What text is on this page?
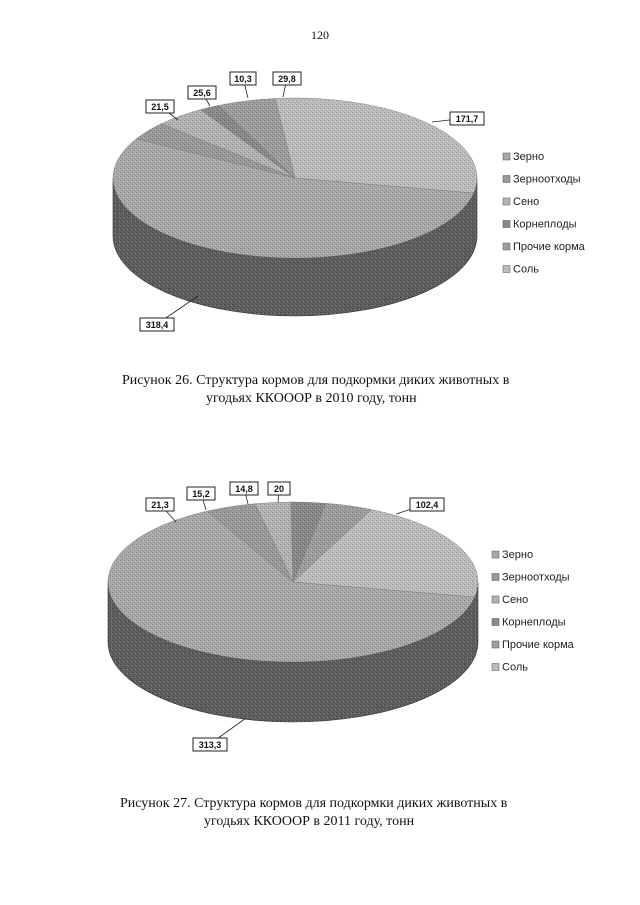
120
318,4
21,5
25,6
10,3	29,8
171,7
Зерно
Зерноотходы
Сено
Корнеплоды
Прочие корма
Соль
Рисунок 26. Структура кормов для подкормки диких животных в
угодьях ККОООР в 2010 году, тонн
313,3
21,3
15,2	14,8 20
102,4
Зерно
Зерноотходы
Сено
Корнеплоды
Прочие корма
Соль
Рисунок 27. Структура кормов для подкормки диких животных в
угодьях ККОООР в 2011 году, тонн
